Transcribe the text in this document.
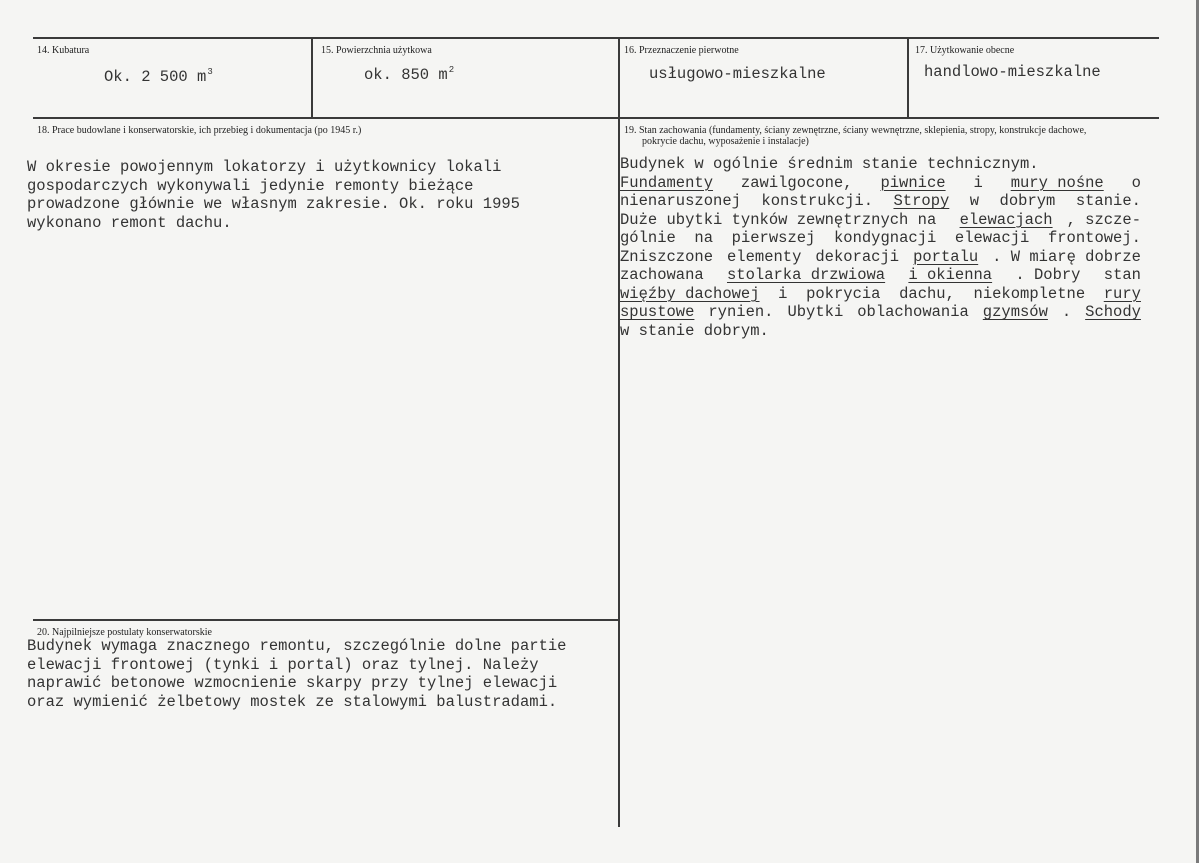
14. Kubatura
Ok. 2 500 $m^3$
15. Powierzchnia użytkowa
ok. 850 $m^2$
16. Przeznaczenie pierwotne
usługowo-mieszkalne
17. Użytkowanie obecne
handlowo-mieszkalne
18. Prace budowlane i konserwatorskie, ich przebieg i dokumentacja (po 1945 r.)
W okresie powojennym lokatorzy i użytkownicy lokali
gospodarczych wykonywali jedynie remonty bieżące
prowadzone głównie we własnym zakresie. Ok. roku 1995
wykonano remont dachu.
19. Stan zachowania (fundamenty, ściany zewnętrzne, ściany wewnętrzne, sklepienia, stropy, konstrukcje dachowe,
pokrycie dachu, wyposażenie i instalacje)
Budynek w ogólnie średnim stanie technicznym.
Fundamenty zawilgocone, piwnice i mury nośne o
nienaruszonej konstrukcji. Stropy w dobrym stanie.
Duże ubytki tynków zewnętrznych na elewacjach , szcze-
gólnie na pierwszej kondygnacji elewacji frontowej.
Zniszczone elementy dekoracji portalu . W miarę dobrze
zachowana stolarka drzwiowa i okienna . Dobry stan
więźby dachowej i pokrycia dachu, niekompletne rury
spustowe rynien. Ubytki oblachowania gzymsów . Schody
w stanie dobrym.
20. Najpilniejsze postulaty konserwatorskie
Budynek wymaga znacznego remontu, szczególnie dolne partie
elewacji frontowej (tynki i portal) oraz tylnej. Należy
naprawić betonowe wzmocnienie skarpy przy tylnej elewacji
oraz wymienić żelbetowy mostek ze stalowymi balustradami.
